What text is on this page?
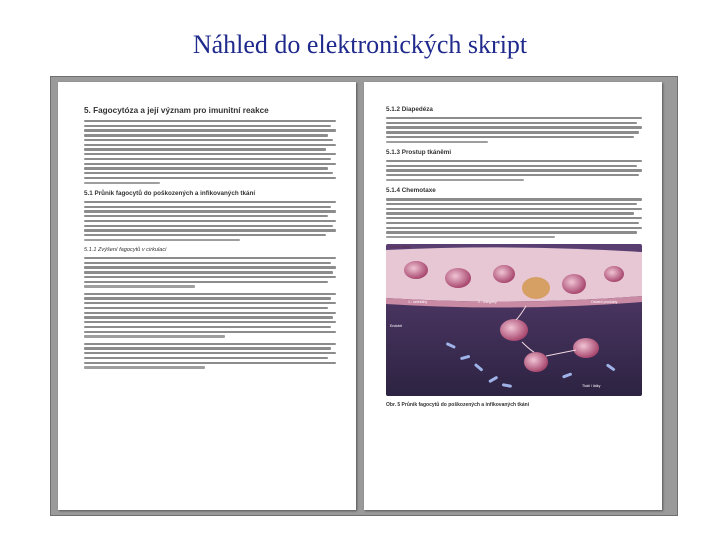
Náhled do elektronických skript
5. Fagocytóza a její význam pro imunitní reakce
5.1 Průnik fagocytů do poškozených a infikovaných tkání
5.1.1 Zvýšení fagocytů v cirkulaci
5.1.2 Diapedéza
5.1.3 Prostup tkáněmi
5.1.4 Chemotaxe
krevní cévka
1 - selektiny	2 - integriny	Ostatní produkty
Endotel
Tkáň / látky
Obr. 5 Průnik fagocytů do poškozených a infikovaných tkání
